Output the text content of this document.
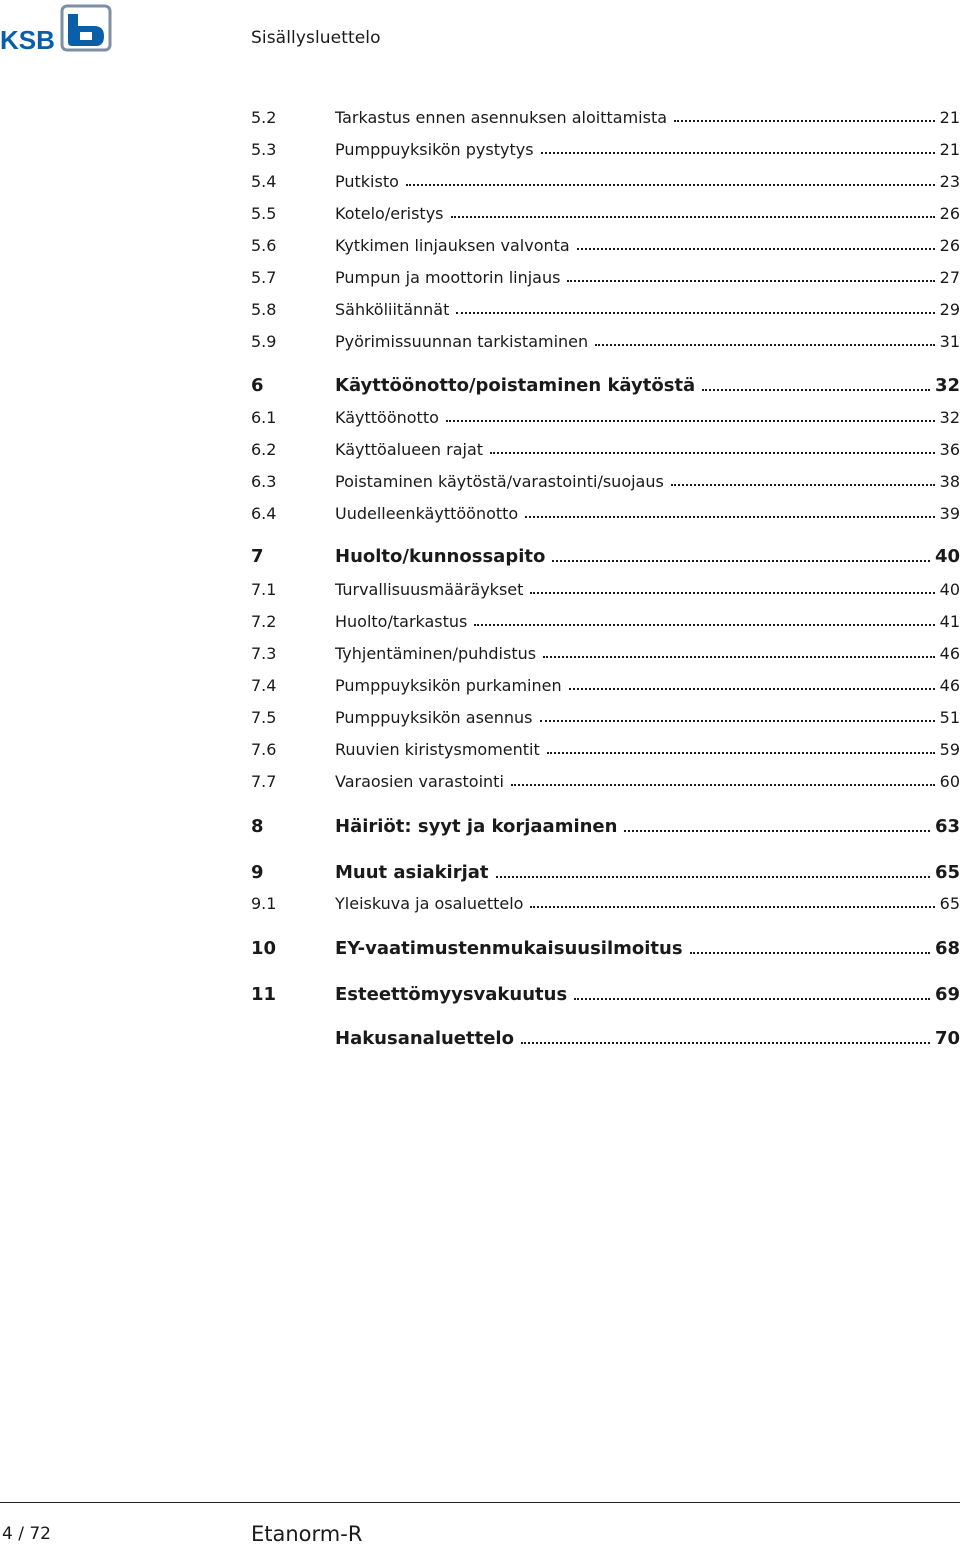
KSB	Sisällysluettelo
5.2	Tarkastus ennen asennuksen aloittamista	21
5.3	Pumppuyksikön pystytys	21
5.4	Putkisto	23
5.5	Kotelo/eristys	26
5.6	Kytkimen linjauksen valvonta	26
5.7	Pumpun ja moottorin linjaus	27
5.8	Sähköliitännät	29
5.9	Pyörimissuunnan tarkistaminen	31
6	Käyttöönotto/poistaminen käytöstä	32
6.1	Käyttöönotto	32
6.2	Käyttöalueen rajat	36
6.3	Poistaminen käytöstä/varastointi/suojaus	38
6.4	Uudelleenkäyttöönotto	39
7	Huolto/kunnossapito	40
7.1	Turvallisuusmääräykset	40
7.2	Huolto/tarkastus	41
7.3	Tyhjentäminen/puhdistus	46
7.4	Pumppuyksikön purkaminen	46
7.5	Pumppuyksikön asennus	51
7.6	Ruuvien kiristysmomentit	59
7.7	Varaosien varastointi	60
8	Häiriöt: syyt ja korjaaminen	63
9	Muut asiakirjat	65
9.1	Yleiskuva ja osaluettelo	65
10	EY-vaatimustenmukaisuusilmoitus	68
11	Esteettömyysvakuutus	69
Hakusanaluettelo	70
4 / 72	Etanorm-R
